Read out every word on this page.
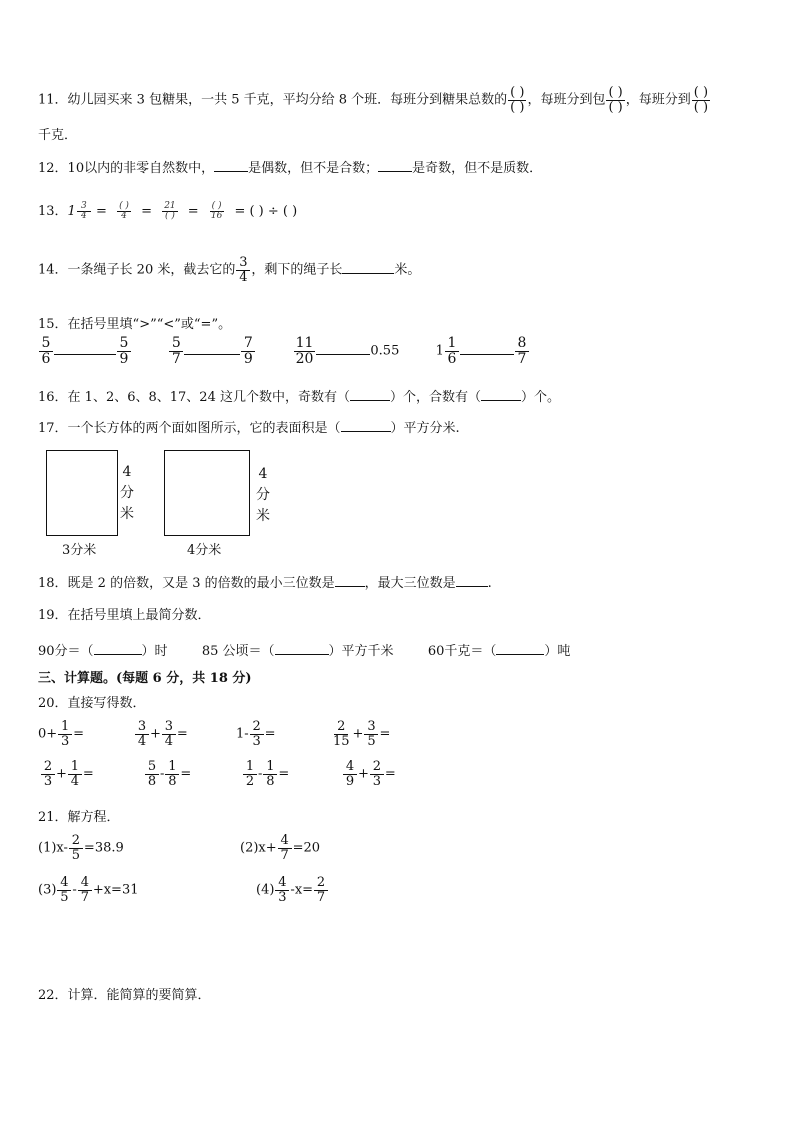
11．幼儿园买来 3 包糖果，一共 5 千克，平均分给 8 个班．每班分到糖果总数的 $\frac{( )}{( )}$ ，每班分到包 $\frac{( )}{( )}$ ，每班分到 $\frac{( )}{( )}$
千克．
12．10以内的非零自然数中，	是偶数，但不是合数；	是奇数，但不是质数．
13．$1 \frac{3}{4} = \frac{( )}{4} = \frac{21}{( )} = \frac{( )}{16}$ = ( ) ÷ ( )
14．一条绳子长 20 米，截去它的 $\frac{3}{4}$ ，剩下的绳子长	米。
15．在括号里填“>”“<”或“=”。
$\frac{5}{6}$	$\frac{5}{9}$
	$\frac{5}{7}$	$\frac{7}{9}$
	$\frac{11}{20}$	0.55	$1 \frac{1}{6}$	$\frac{8}{7}$
16．在 1、2、6、8、17、24 这几个数中，奇数有（	）个，合数有（	）个。
17．一个长方体的两个面如图所示，它的表面积是（	）平方分米.
4
分
米
3分米
4
分
米
4分米
18．既是 2 的倍数，又是 3 的倍数的最小三位数是 ，最大三位数是 .
19．在括号里填上最简分数．
90分＝（	）时	85 公顷＝（	）平方千米	60千克＝（	）吨
三、计算题。(每题 6 分，共 18 分)
20．直接写得数．
$0+ \frac{1}{3}$ =	$\frac{3}{4} + \frac{3}{4}$ =	$1- \frac{2}{3}$ =	$\frac{2}{15} + \frac{3}{5}$ =
$\frac{2}{3} + \frac{1}{4}$ =	$\frac{5}{8} - \frac{1}{8}$ =	$\frac{1}{2} - \frac{1}{8}$ =	$\frac{4}{9} + \frac{2}{3}$ =
21．解方程．
$(1)x- \frac{2}{5} =38.9$	$(2)x+ \frac{4}{7} =20$
$(3) \frac{4}{5} - \frac{4}{7} +x=31$	$(4) \frac{4}{3} -x= \frac{2}{7}$
22．计算．能简算的要简算．
